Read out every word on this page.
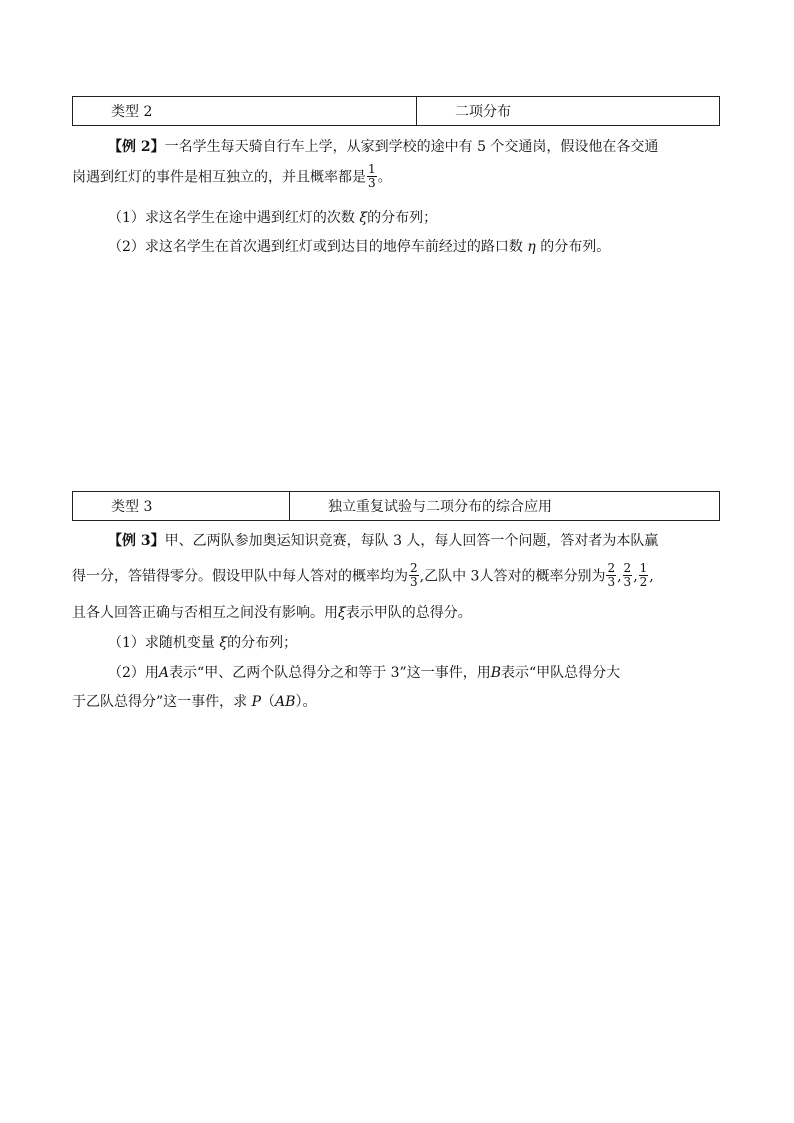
类型 2	二项分布
【例 2】一名学生每天骑自行车上学，从家到学校的途中有 5 个交通岗，假设他在各交通
岗遇到红灯的事件是相互独立的，并且概率都是 $\frac{1}{3}$ 。
（1）求这名学生在途中遇到红灯的次数 ξ的分布列；
（2）求这名学生在首次遇到红灯或到达目的地停车前经过的路口数 η 的分布列。
类型 3	独立重复试验与二项分布的综合应用
【例 3】甲、乙两队参加奥运知识竞赛，每队 3 人，每人回答一个问题，答对者为本队赢
得一分，答错得零分。假设甲队中每人答对的概率均为 $\frac{2}{3}$ ,乙队中 3人答对的概率分别为 $\frac{2}{3}$ , $\frac{2}{3}$ , $\frac{1}{2}$ ,
且各人回答正确与否相互之间没有影响。用ξ表示甲队的总得分。
（1）求随机变量 ξ的分布列；
（2）用A表示“甲、乙两个队总得分之和等于 3”这一事件，用B表示“甲队总得分大
于乙队总得分”这一事件，求 P（AB）。
